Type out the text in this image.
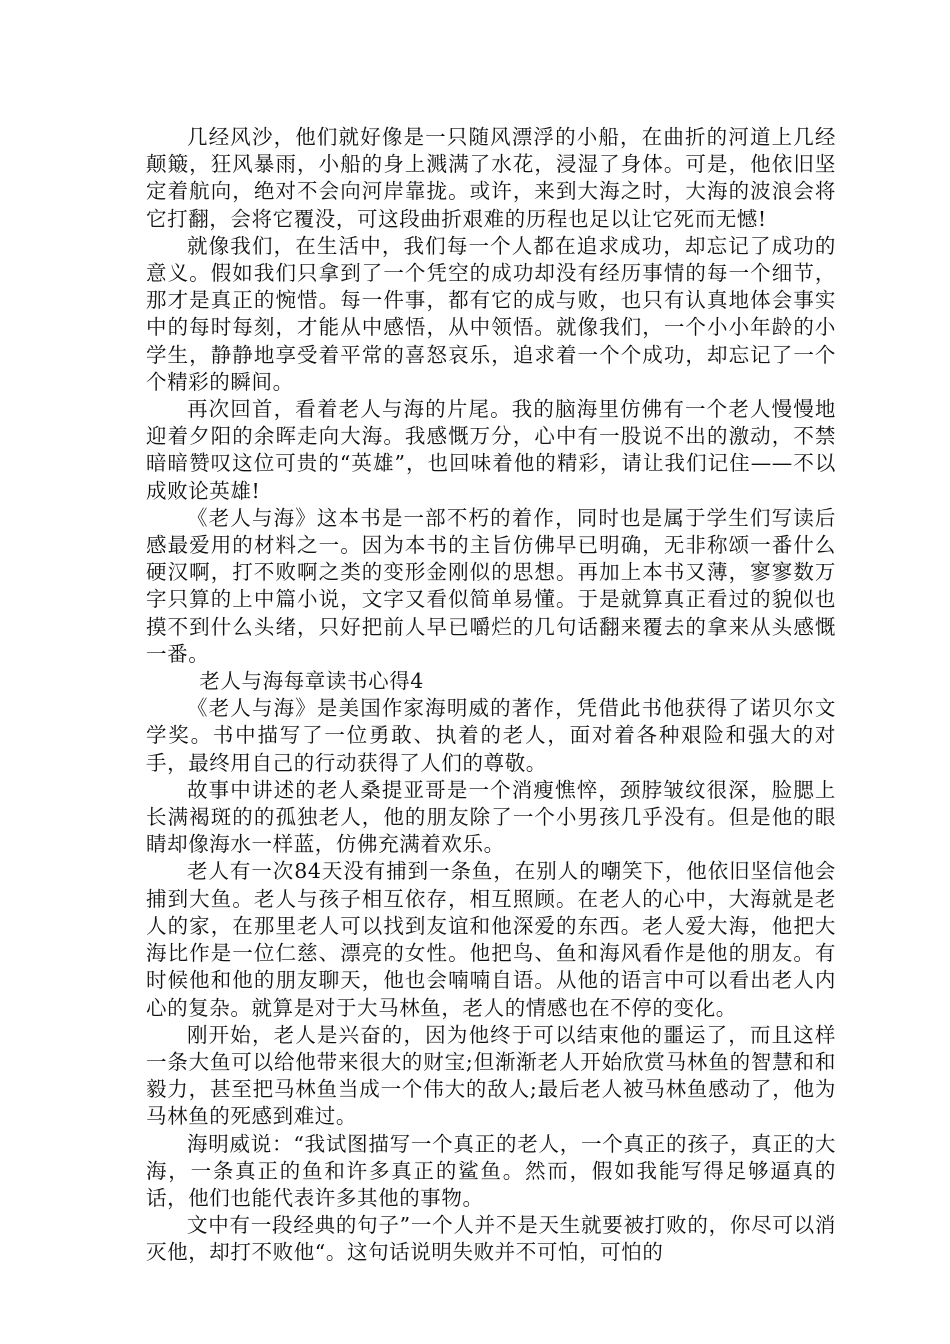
几经风沙，他们就好像是一只随风漂浮的小船，在曲折的河道上几经颠簸，狂风暴雨，小船的身上溅满了水花，浸湿了身体。可是，他依旧坚定着航向，绝对不会向河岸靠拢。或许，来到大海之时，大海的波浪会将它打翻，会将它覆没，可这段曲折艰难的历程也足以让它死而无憾!

就像我们，在生活中，我们每一个人都在追求成功，却忘记了成功的意义。假如我们只拿到了一个凭空的成功却没有经历事情的每一个细节，那才是真正的惋惜。每一件事，都有它的成与败，也只有认真地体会事实中的每时每刻，才能从中感悟，从中领悟。就像我们，一个小小年龄的小学生，静静地享受着平常的喜怒哀乐，追求着一个个成功，却忘记了一个个精彩的瞬间。

再次回首，看着老人与海的片尾。我的脑海里仿佛有一个老人慢慢地迎着夕阳的余晖走向大海。我感慨万分，心中有一股说不出的激动，不禁暗暗赞叹这位可贵的“英雄”，也回味着他的精彩，请让我们记住——不以成败论英雄!

《老人与海》这本书是一部不朽的着作，同时也是属于学生们写读后感最爱用的材料之一。因为本书的主旨仿佛早已明确，无非称颂一番什么硬汉啊，打不败啊之类的变形金刚似的思想。再加上本书又薄，寥寥数万字只算的上中篇小说，文字又看似简单易懂。于是就算真正看过的貌似也摸不到什么头绪，只好把前人早已嚼烂的几句话翻来覆去的拿来从头感慨一番。

老人与海每章读书心得4

《老人与海》是美国作家海明威的著作，凭借此书他获得了诺贝尔文学奖。书中描写了一位勇敢、执着的老人，面对着各种艰险和强大的对手，最终用自己的行动获得了人们的尊敬。

故事中讲述的老人桑提亚哥是一个消瘦憔悴，颈脖皱纹很深，脸腮上长满褐斑的的孤独老人，他的朋友除了一个小男孩几乎没有。但是他的眼睛却像海水一样蓝，仿佛充满着欢乐。

老人有一次84天没有捕到一条鱼，在别人的嘲笑下，他依旧坚信他会捕到大鱼。老人与孩子相互依存，相互照顾。在老人的心中，大海就是老人的家，在那里老人可以找到友谊和他深爱的东西。老人爱大海，他把大海比作是一位仁慈、漂亮的女性。他把鸟、鱼和海风看作是他的朋友。有时候他和他的朋友聊天，他也会喃喃自语。从他的语言中可以看出老人内心的复杂。就算是对于大马林鱼，老人的情感也在不停的变化。

刚开始，老人是兴奋的，因为他终于可以结束他的噩运了，而且这样一条大鱼可以给他带来很大的财宝;但渐渐老人开始欣赏马林鱼的智慧和和毅力，甚至把马林鱼当成一个伟大的敌人;最后老人被马林鱼感动了，他为马林鱼的死感到难过。

海明威说：“我试图描写一个真正的老人，一个真正的孩子，真正的大海，一条真正的鱼和许多真正的鲨鱼。然而，假如我能写得足够逼真的话，他们也能代表许多其他的事物。

文中有一段经典的句子”一个人并不是天生就要被打败的，你尽可以消灭他，却打不败他“。这句话说明失败并不可怕，可怕的
